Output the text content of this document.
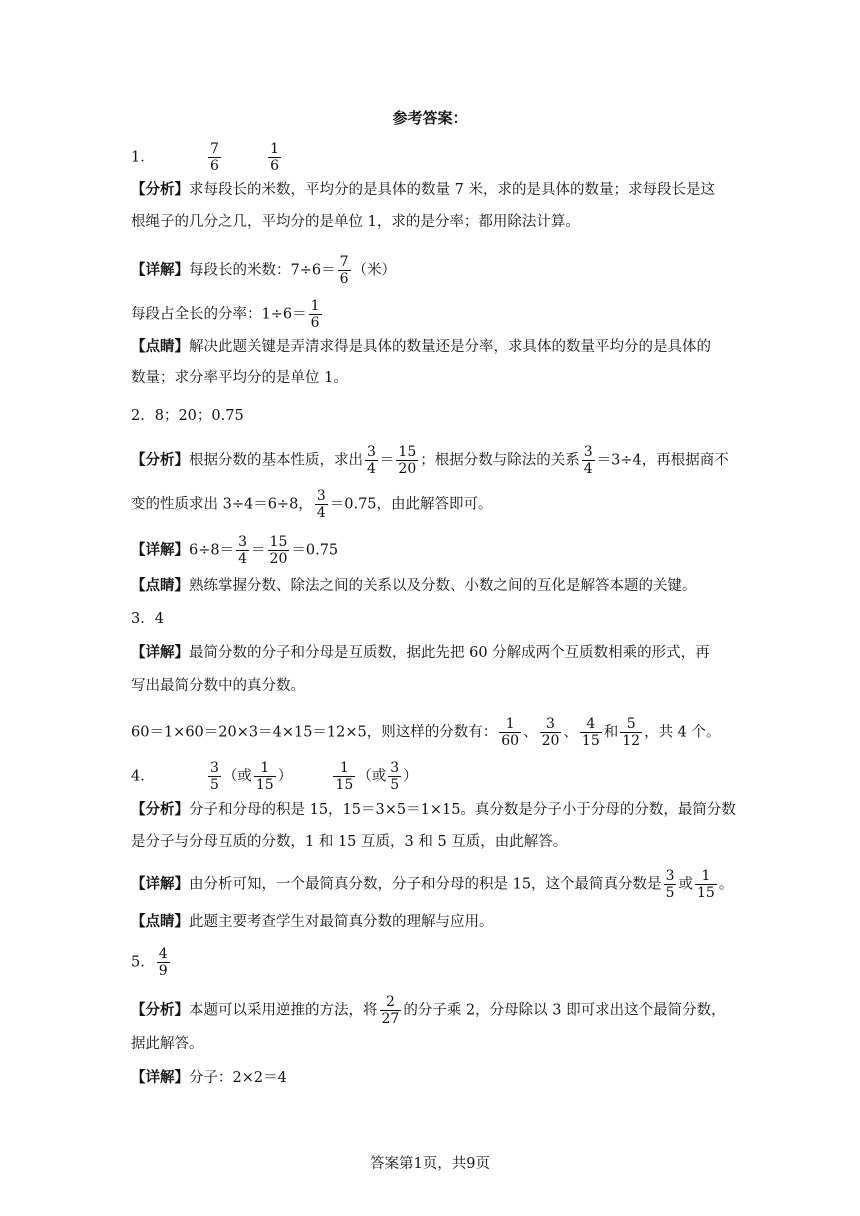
参考答案：
1．	$\frac{7}{6}$
	$\frac{1}{6}$
【分析】求每段长的米数，平均分的是具体的数量 7 米，求的是具体的数量；求每段长是这
根绳子的几分之几，平均分的是单位 1，求的是分率；都用除法计算。
【详解】每段长的米数：$7\div 6= \frac{7}{6}$ （米）
每段占全长的分率：$1\div 6= \frac{1}{6}$
【点睛】解决此题关键是弄清求得是具体的数量还是分率，求具体的数量平均分的是具体的
数量；求分率平均分的是单位 1。
2．8；20；0.75
【分析】根据分数的基本性质，求出 $\frac{3}{4} = \frac{15}{20}$ ；根据分数与除法的关系 $\frac{3}{4} =3\div 4$，再根据商不
变的性质求出 3÷4＝6÷8， $\frac{3}{4} =0.75$，由此解答即可。
【详解】$6\div 8= \frac{3}{4} = \frac{15}{20} =0.75$
【点睛】熟练掌握分数、除法之间的关系以及分数、小数之间的互化是解答本题的关键。
3．4
【详解】最简分数的分子和分母是互质数，据此先把 60 分解成两个互质数相乘的形式，再
写出最简分数中的真分数。
60＝1×60＝20×3＝4×15＝12×5，则这样的分数有： $\frac{1}{60}$ 、 $\frac{3}{20}$ 、 $\frac{4}{15}$ 和 $\frac{5}{12}$ ，共 4 个。
4．	$\frac{3}{5}$ （或 $\frac{1}{15}$ ）	$\frac{1}{15}$ （或 $\frac{3}{5}$ ）
【分析】分子和分母的积是 15，15＝3×5＝1×15。真分数是分子小于分母的分数，最简分数
是分子与分母互质的分数，1 和 15 互质，3 和 5 互质，由此解答。
【详解】由分析可知，一个最简真分数，分子和分母的积是 15，这个最简真分数是 $\frac{3}{5}$ 或 $\frac{1}{15}$ 。
【点睛】此题主要考查学生对最简真分数的理解与应用。
5． $\frac{4}{9}$
【分析】本题可以采用逆推的方法，将 $\frac{2}{27}$ 的分子乘 2，分母除以 3 即可求出这个最简分数，
据此解答。
【详解】分子：2×2＝4
答案第1页，共9页
